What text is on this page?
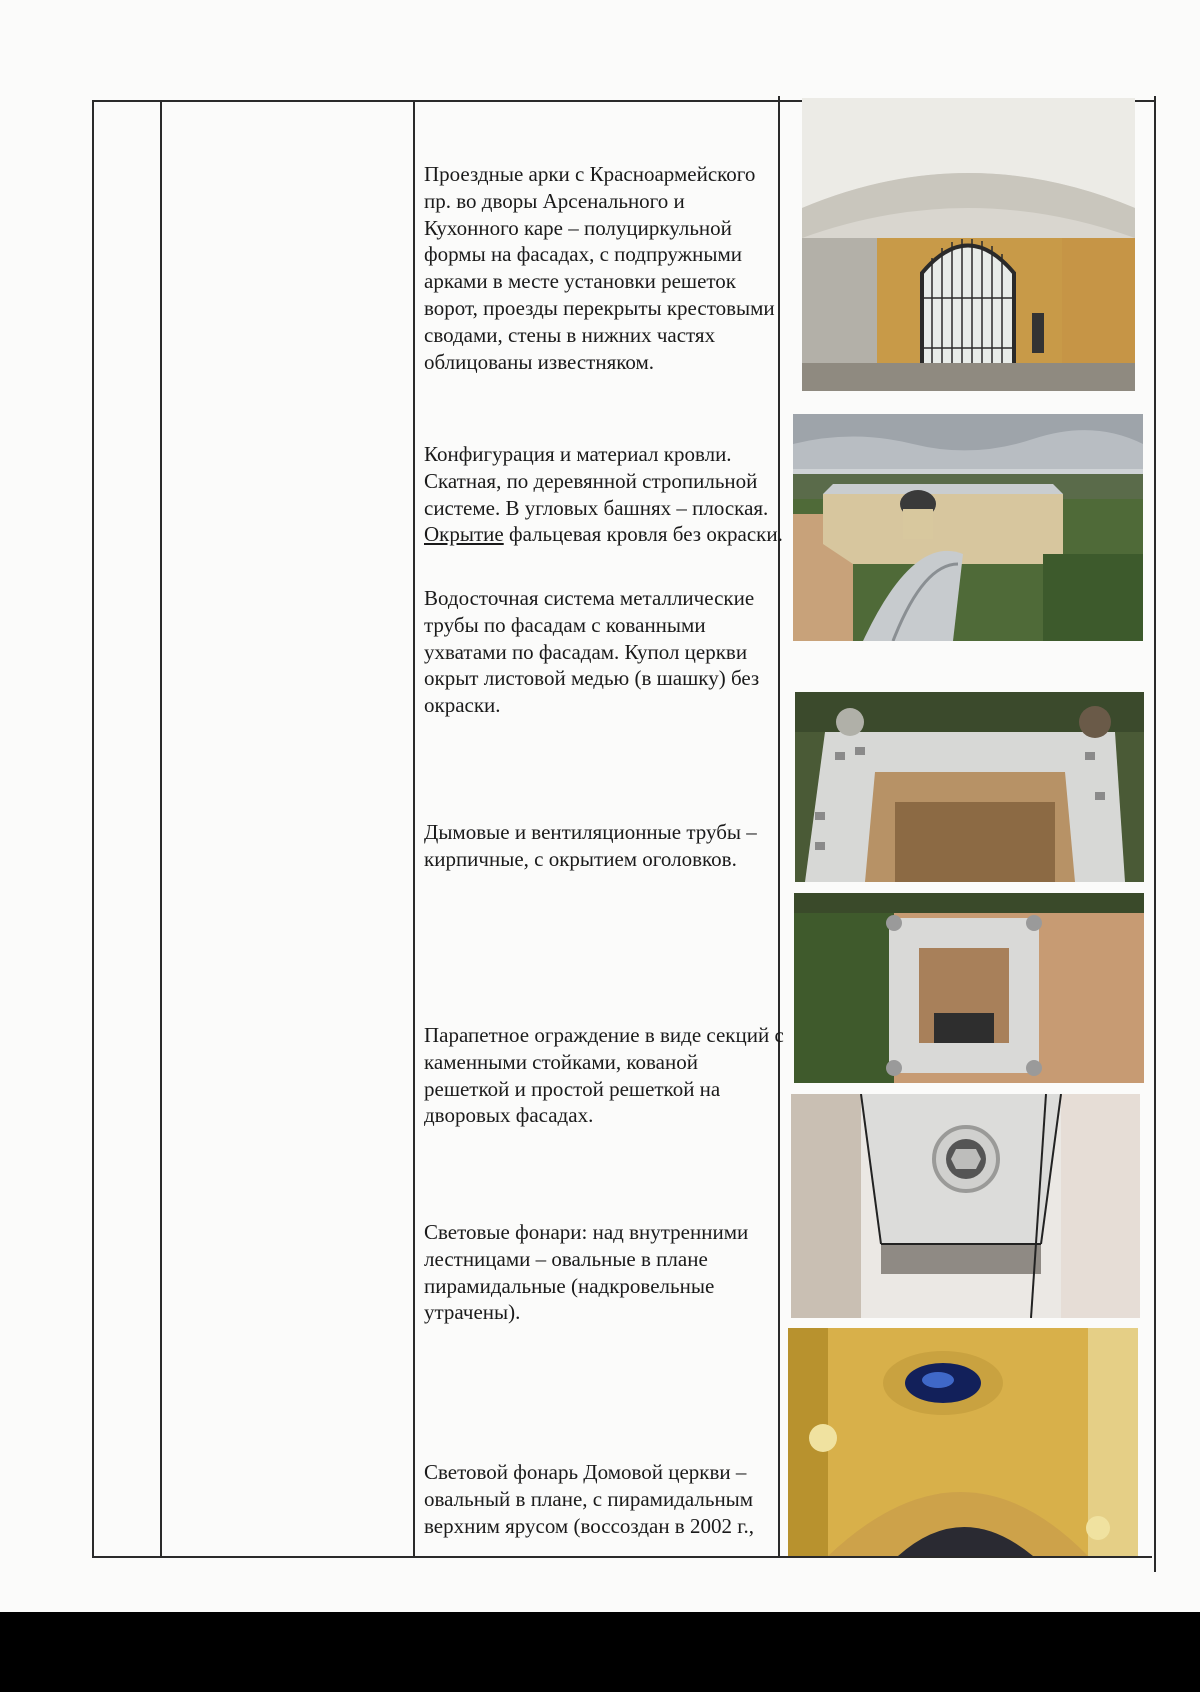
Проездные арки с Красноармейского пр. во дворы Арсенального и Кухонного каре – полуциркульной формы на фасадах, с подпружными арками в месте установки решеток ворот, проезды перекрыты крестовыми сводами, стены в нижних частях облицованы известняком.

Конфигурация и материал кровли. Скатная, по деревянной стропильной системе. В угловых башнях – плоская. Окрытие фальцевая кровля без окраски.

Водосточная система металлические трубы по фасадам с кованными ухватами по фасадам. Купол церкви окрыт листовой медью (в шашку) без окраски.

Дымовые и вентиляционные трубы – кирпичные, с окрытием оголовков.

Парапетное ограждение в виде секций с каменными стойками, кованой решеткой и простой решеткой на дворовых фасадах.

Световые фонари: над внутренними лестницами – овальные в плане пирамидальные (надкровельные утрачены).

Световой фонарь Домовой церкви – овальный в плане, с пирамидальным верхним ярусом (воссоздан в 2002 г.,
